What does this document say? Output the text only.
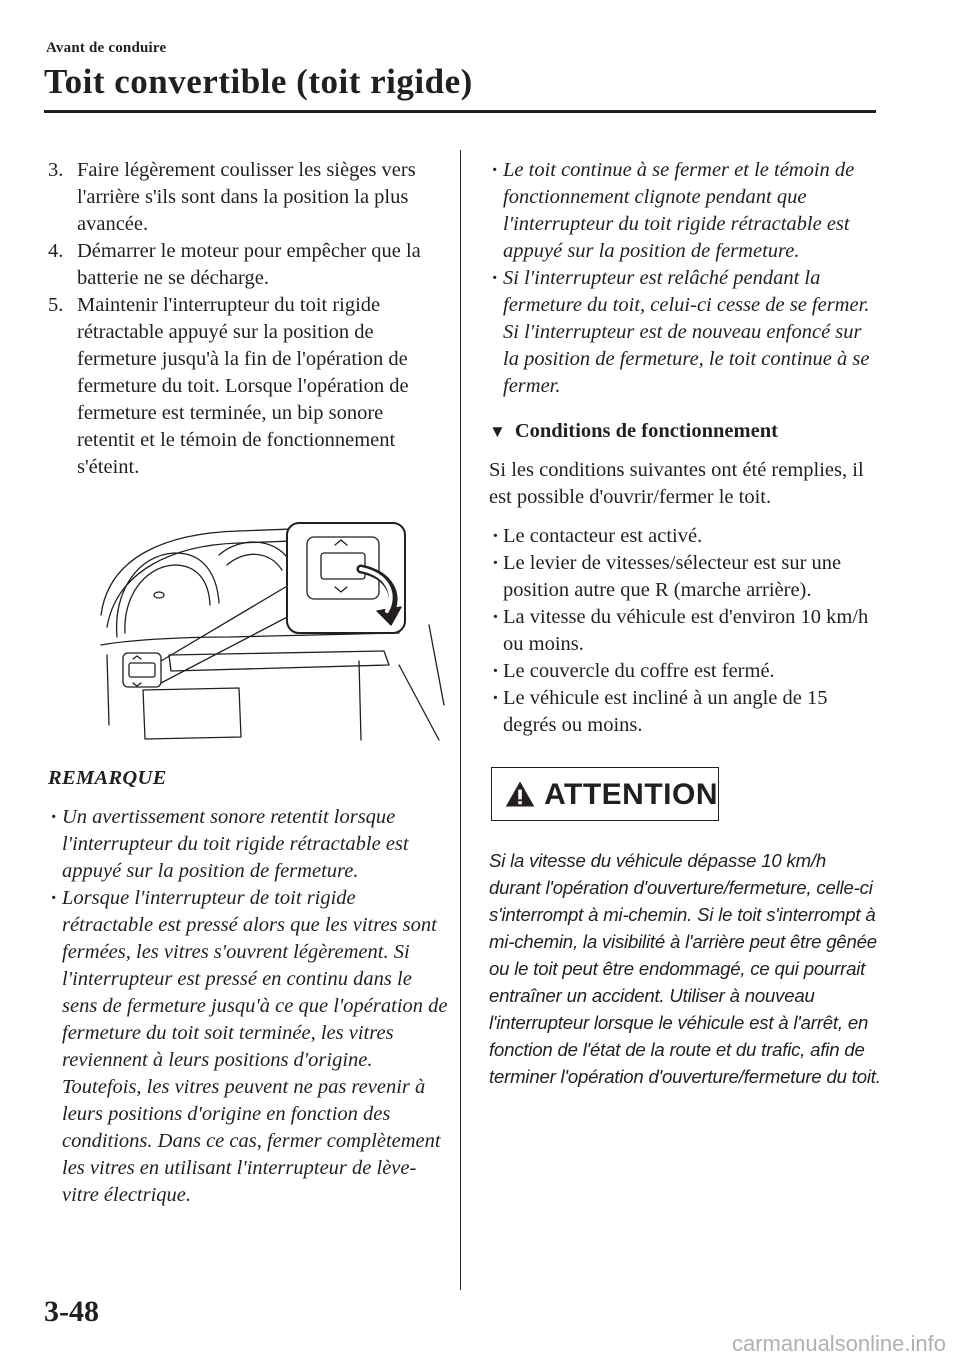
Avant de conduire
Toit convertible (toit rigide)
3. Faire légèrement coulisser les sièges vers l'arrière s'ils sont dans la position la plus avancée.
4. Démarrer le moteur pour empêcher que la batterie ne se décharge.
5. Maintenir l'interrupteur du toit rigide rétractable appuyé sur la position de fermeture jusqu'à la fin de l'opération de fermeture du toit. Lorsque l'opération de fermeture est terminée, un bip sonore retentit et le témoin de fonctionnement s'éteint.
REMARQUE
· Un avertissement sonore retentit lorsque l'interrupteur du toit rigide rétractable est appuyé sur la position de fermeture.
· Lorsque l'interrupteur de toit rigide rétractable est pressé alors que les vitres sont fermées, les vitres s'ouvrent légèrement. Si l'interrupteur est pressé en continu dans le sens de fermeture jusqu'à ce que l'opération de fermeture du toit soit terminée, les vitres reviennent à leurs positions d'origine. Toutefois, les vitres peuvent ne pas revenir à leurs positions d'origine en fonction des conditions. Dans ce cas, fermer complètement les vitres en utilisant l'interrupteur de lève-vitre électrique.
· Le toit continue à se fermer et le témoin de fonctionnement clignote pendant que l'interrupteur du toit rigide rétractable est appuyé sur la position de fermeture.
· Si l'interrupteur est relâché pendant la fermeture du toit, celui-ci cesse de se fermer. Si l'interrupteur est de nouveau enfoncé sur la position de fermeture, le toit continue à se fermer.
▼ Conditions de fonctionnement
Si les conditions suivantes ont été remplies, il est possible d'ouvrir/fermer le toit.
· Le contacteur est activé.
· Le levier de vitesses/sélecteur est sur une position autre que R (marche arrière).
· La vitesse du véhicule est d'environ 10 km/h ou moins.
· Le couvercle du coffre est fermé.
· Le véhicule est incliné à un angle de 15 degrés ou moins.
ATTENTION
Si la vitesse du véhicule dépasse 10 km/h durant l'opération d'ouverture/fermeture, celle-ci s'interrompt à mi-chemin. Si le toit s'interrompt à mi-chemin, la visibilité à l'arrière peut être gênée ou le toit peut être endommagé, ce qui pourrait entraîner un accident. Utiliser à nouveau l'interrupteur lorsque le véhicule est à l'arrêt, en fonction de l'état de la route et du trafic, afin de terminer l'opération d'ouverture/fermeture du toit.
3-48
carmanualsonline.info
